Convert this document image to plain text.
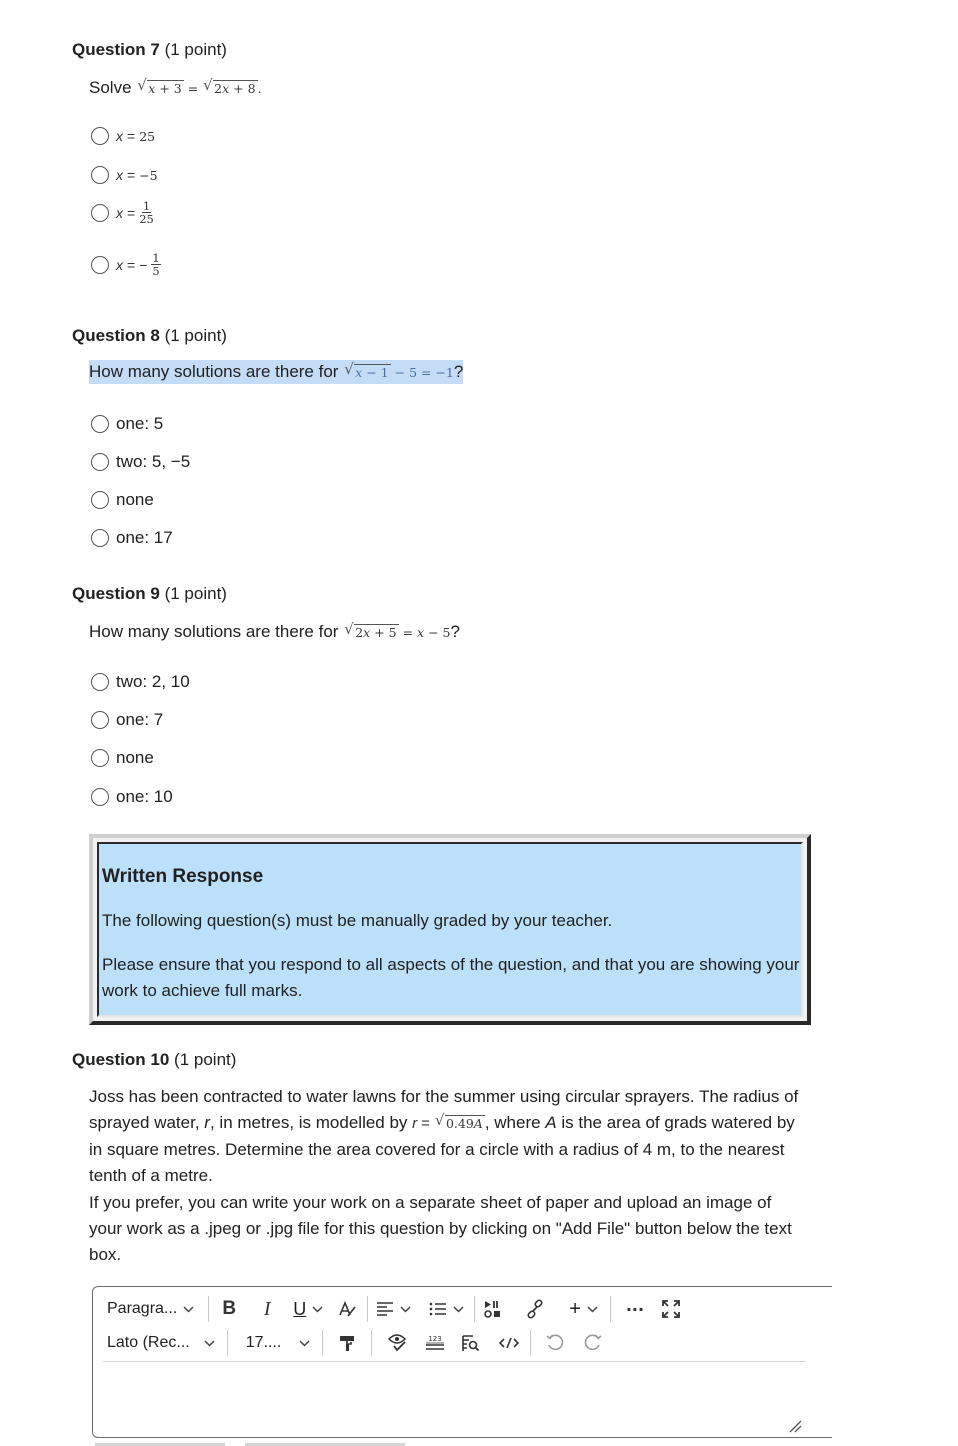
Question 7 (1 point)
Solve √ x + 3 = √ 2x + 8 .
x = 25
x = −5
$x = \frac{1}{25}$
x = − $\frac{1}{5}$
Question 8 (1 point)
How many solutions are there for √ x − 1 − 5 = −1?
one: 5
two: 5, −5
none
one: 17
Question 9 (1 point)
How many solutions are there for √ 2x + 5 = x − 5?
two: 2, 10
one: 7
none
one: 10
Written Response
The following question(s) must be manually graded by your teacher.
Please ensure that you respond to all aspects of the question, and that you are showing your work to achieve full marks.
Question 10 (1 point)
Joss has been contracted to water lawns for the summer using circular sprayers. The radius of sprayed water, r, in metres, is modelled by r =	√ 0.49A , where A is the area of grads watered by in square metres. Determine the area covered for a circle with a radius of 4 m, to the nearest tenth of a metre.
If you prefer, you can write your work on a separate sheet of paper and upload an image of your work as a .jpeg or .jpg file for this question by clicking on "Add File" button below the text box.
Paragra... B	I	U	+	···
Lato (Rec...	17....	123
